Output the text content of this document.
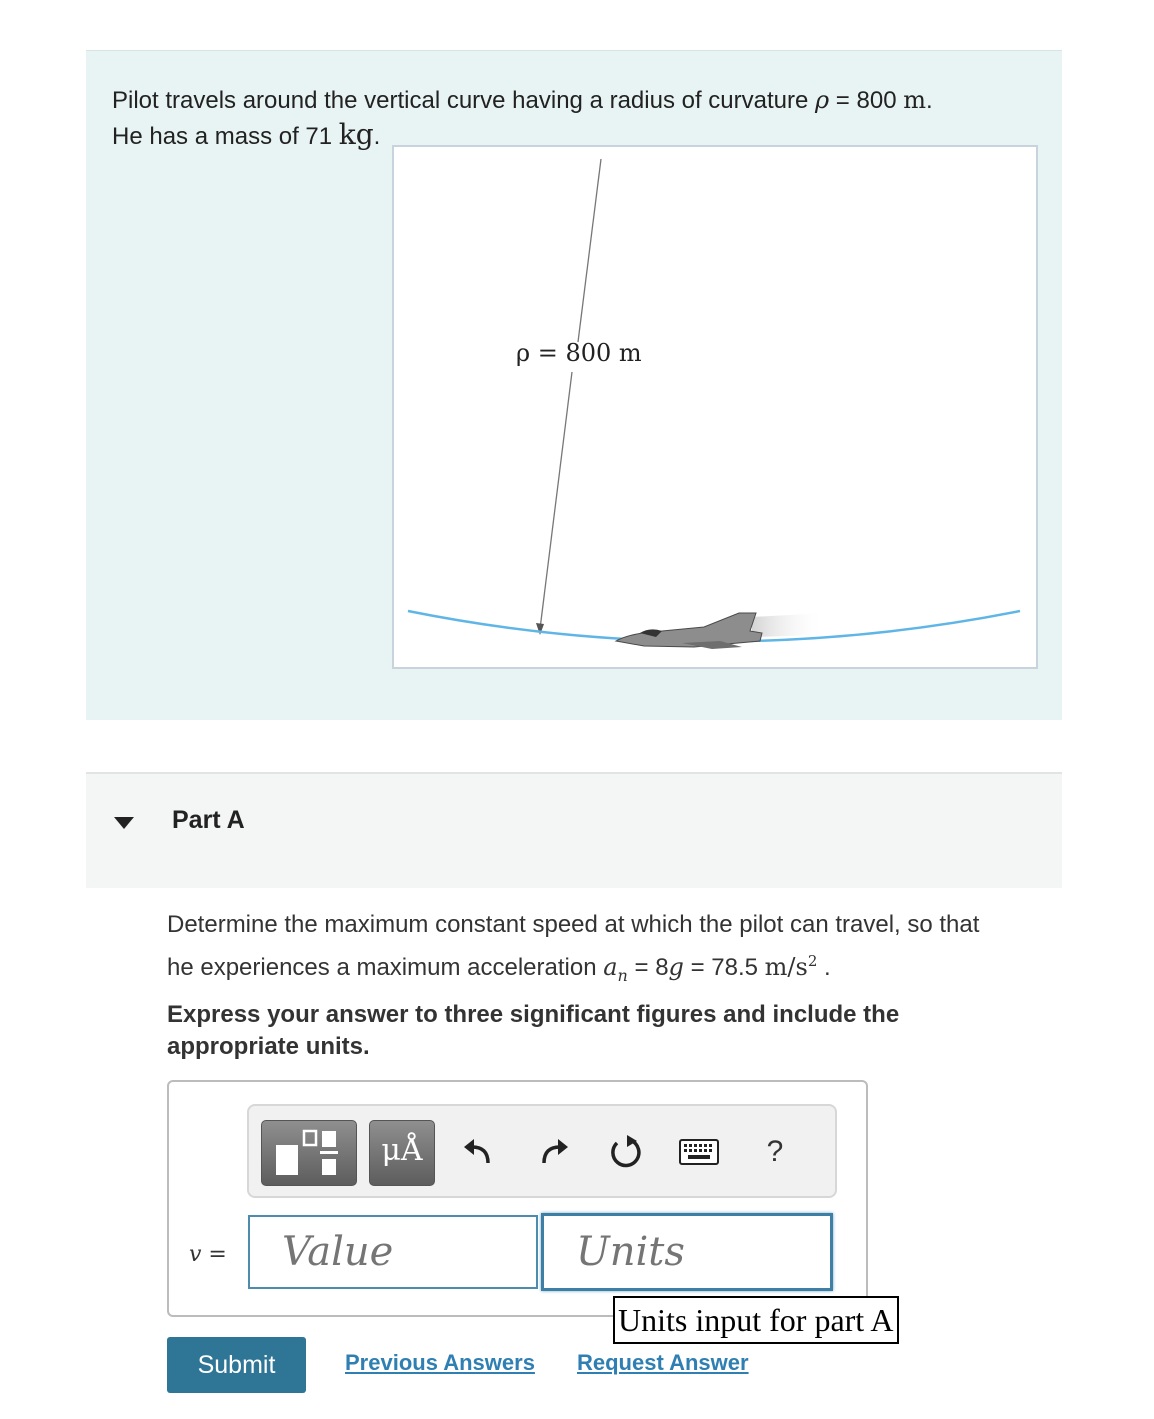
Pilot travels around the vertical curve having a radius of curvature ρ = 800 m.
He has a mass of 71 kg.
ρ = 800 m
Part A
Determine the maximum constant speed at which the pilot can travel, so that
he experiences a maximum acceleration $a_n = 8g = 78.5$ $m/s^2$ .
Express your answer to three significant figures and include the appropriate units.
μÅ	?
v =
Value
Units
Units input for part A
Submit	Previous Answers Request Answer
